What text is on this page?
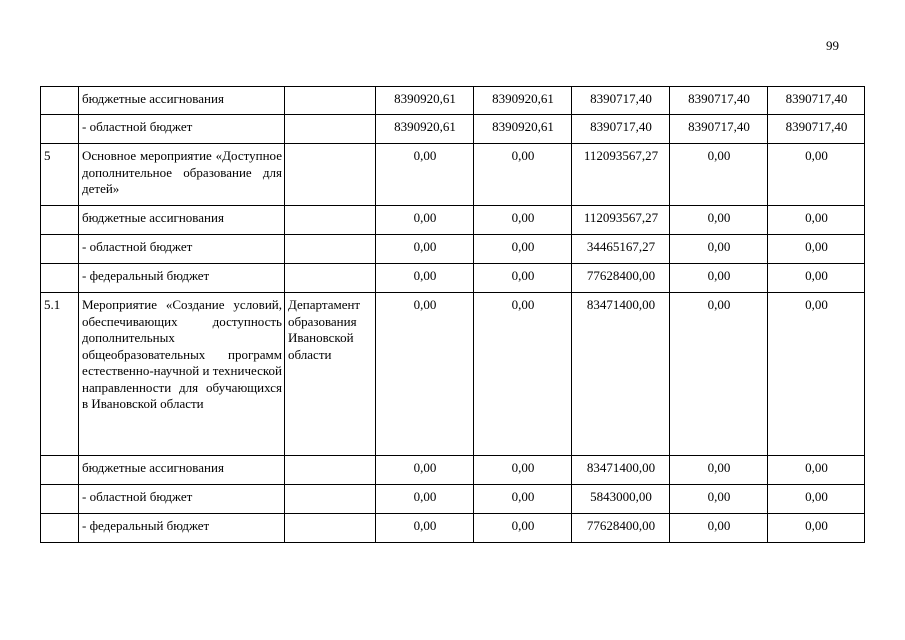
99
	бюджетные ассигнования		8390920,61	8390920,61	8390717,40	8390717,40	8390717,40
	- областной бюджет		8390920,61	8390920,61	8390717,40	8390717,40	8390717,40
5	Основное мероприятие «Доступное дополнительное образование для детей»		0,00	0,00	112093567,27	0,00	0,00
	бюджетные ассигнования		0,00	0,00	112093567,27	0,00	0,00
	- областной бюджет		0,00	0,00	34465167,27	0,00	0,00
	- федеральный бюджет		0,00	0,00	77628400,00	0,00	0,00
5.1	Мероприятие «Создание условий, обеспечивающих доступность дополнительных общеобразовательных программ естественно-научной и технической направленности для обучающихся в Ивановской области	Департамент образования Ивановской области	0,00	0,00	83471400,00	0,00	0,00
	бюджетные ассигнования		0,00	0,00	83471400,00	0,00	0,00
	- областной бюджет		0,00	0,00	5843000,00	0,00	0,00
	- федеральный бюджет		0,00	0,00	77628400,00	0,00	0,00
